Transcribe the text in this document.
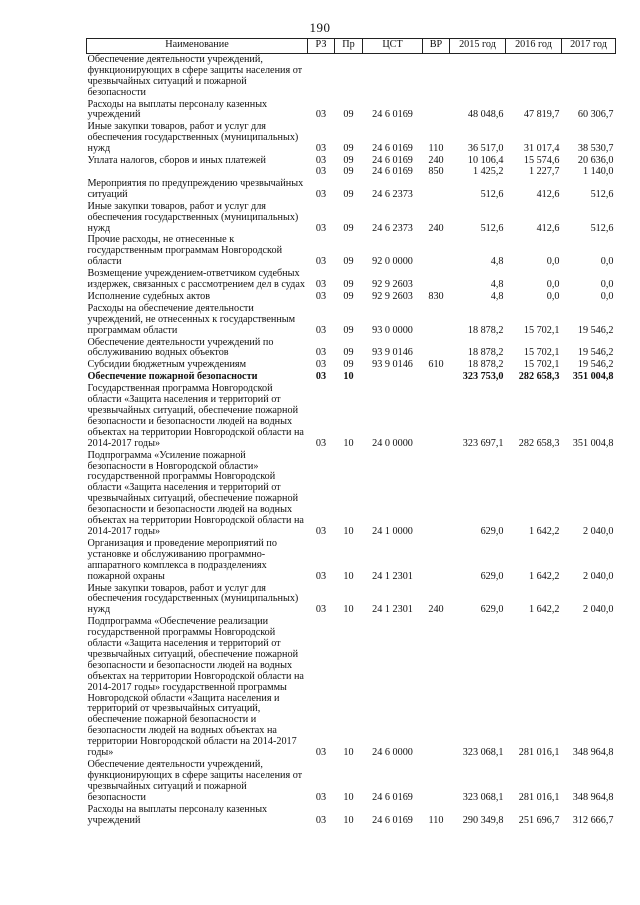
190
Наименование	РЗ	Пр	ЦСТ	ВР	2015 год	2016 год	2017 год
Обеспечение деятельности учреждений, функционирующих в сфере защиты населения от чрезвычайных ситуаций и пожарной безопасности							
Расходы на выплаты персоналу казенных учреждений	03	09	24 6 0169		48 048,6	47 819,7	60 306,7
Иные закупки товаров, работ и услуг для обеспечения государственных (муниципальных) нужд	03	09	24 6 0169	110	36 517,0	31 017,4	38 530,7
Уплата налогов, сборов и иных платежей	03	09	24 6 0169	240	10 106,4	15 574,6	20 636,0
	03	09	24 6 0169	850	1 425,2	1 227,7	1 140,0
Мероприятия по предупреждению чрезвычайных ситуаций	03	09	24 6 2373		512,6	412,6	512,6
Иные закупки товаров, работ и услуг для обеспечения государственных (муниципальных) нужд	03	09	24 6 2373	240	512,6	412,6	512,6
Прочие расходы, не отнесенные к государственным программам Новгородской области	03	09	92 0 0000		4,8	0,0	0,0
Возмещение учреждением-ответчиком судебных издержек, связанных с рассмотрением дел в судах	03	09	92 9 2603		4,8	0,0	0,0
Исполнение судебных актов	03	09	92 9 2603	830	4,8	0,0	0,0
Расходы на обеспечение деятельности учреждений, не отнесенных к государственным программам области	03	09	93 0 0000		18 878,2	15 702,1	19 546,2
Обеспечение деятельности учреждений по обслуживанию водных объектов	03	09	93 9 0146		18 878,2	15 702,1	19 546,2
Субсидии бюджетным учреждениям	03	09	93 9 0146	610	18 878,2	15 702,1	19 546,2
Обеспечение пожарной безопасности	03	10			323 753,0	282 658,3	351 004,8
Государственная программа Новгородской области «Защита населения и территорий от чрезвычайных ситуаций, обеспечение пожарной безопасности и безопасности людей на водных объектах на территории Новгородской области на 2014-2017 годы»	03	10	24 0 0000		323 697,1	282 658,3	351 004,8
Подпрограмма «Усиление пожарной безопасности в Новгородской области» государственной программы Новгородской области «Защита населения и территорий от чрезвычайных ситуаций, обеспечение пожарной безопасности и безопасности людей на водных объектах на территории Новгородской области на 2014-2017 годы»	03	10	24 1 0000		629,0	1 642,2	2 040,0
Организация и проведение мероприятий по установке и обслуживанию программно-аппаратного комплекса в подразделениях пожарной охраны	03	10	24 1 2301		629,0	1 642,2	2 040,0
Иные закупки товаров, работ и услуг для обеспечения государственных (муниципальных) нужд	03	10	24 1 2301	240	629,0	1 642,2	2 040,0
Подпрограмма «Обеспечение реализации государственной программы Новгородской области «Защита населения и территорий от чрезвычайных ситуаций, обеспечение пожарной безопасности и безопасности людей на водных объектах на территории Новгородской области на 2014-2017 годы» государственной программы Новгородской области «Защита населения и территорий от чрезвычайных ситуаций, обеспечение пожарной безопасности и безопасности людей на водных объектах на территории Новгородской области на 2014-2017 годы»	03	10	24 6 0000		323 068,1	281 016,1	348 964,8
Обеспечение деятельности учреждений, функционирующих в сфере защиты населения от чрезвычайных ситуаций и пожарной безопасности	03	10	24 6 0169		323 068,1	281 016,1	348 964,8
Расходы на выплаты персоналу казенных учреждений	03	10	24 6 0169	110	290 349,8	251 696,7	312 666,7
